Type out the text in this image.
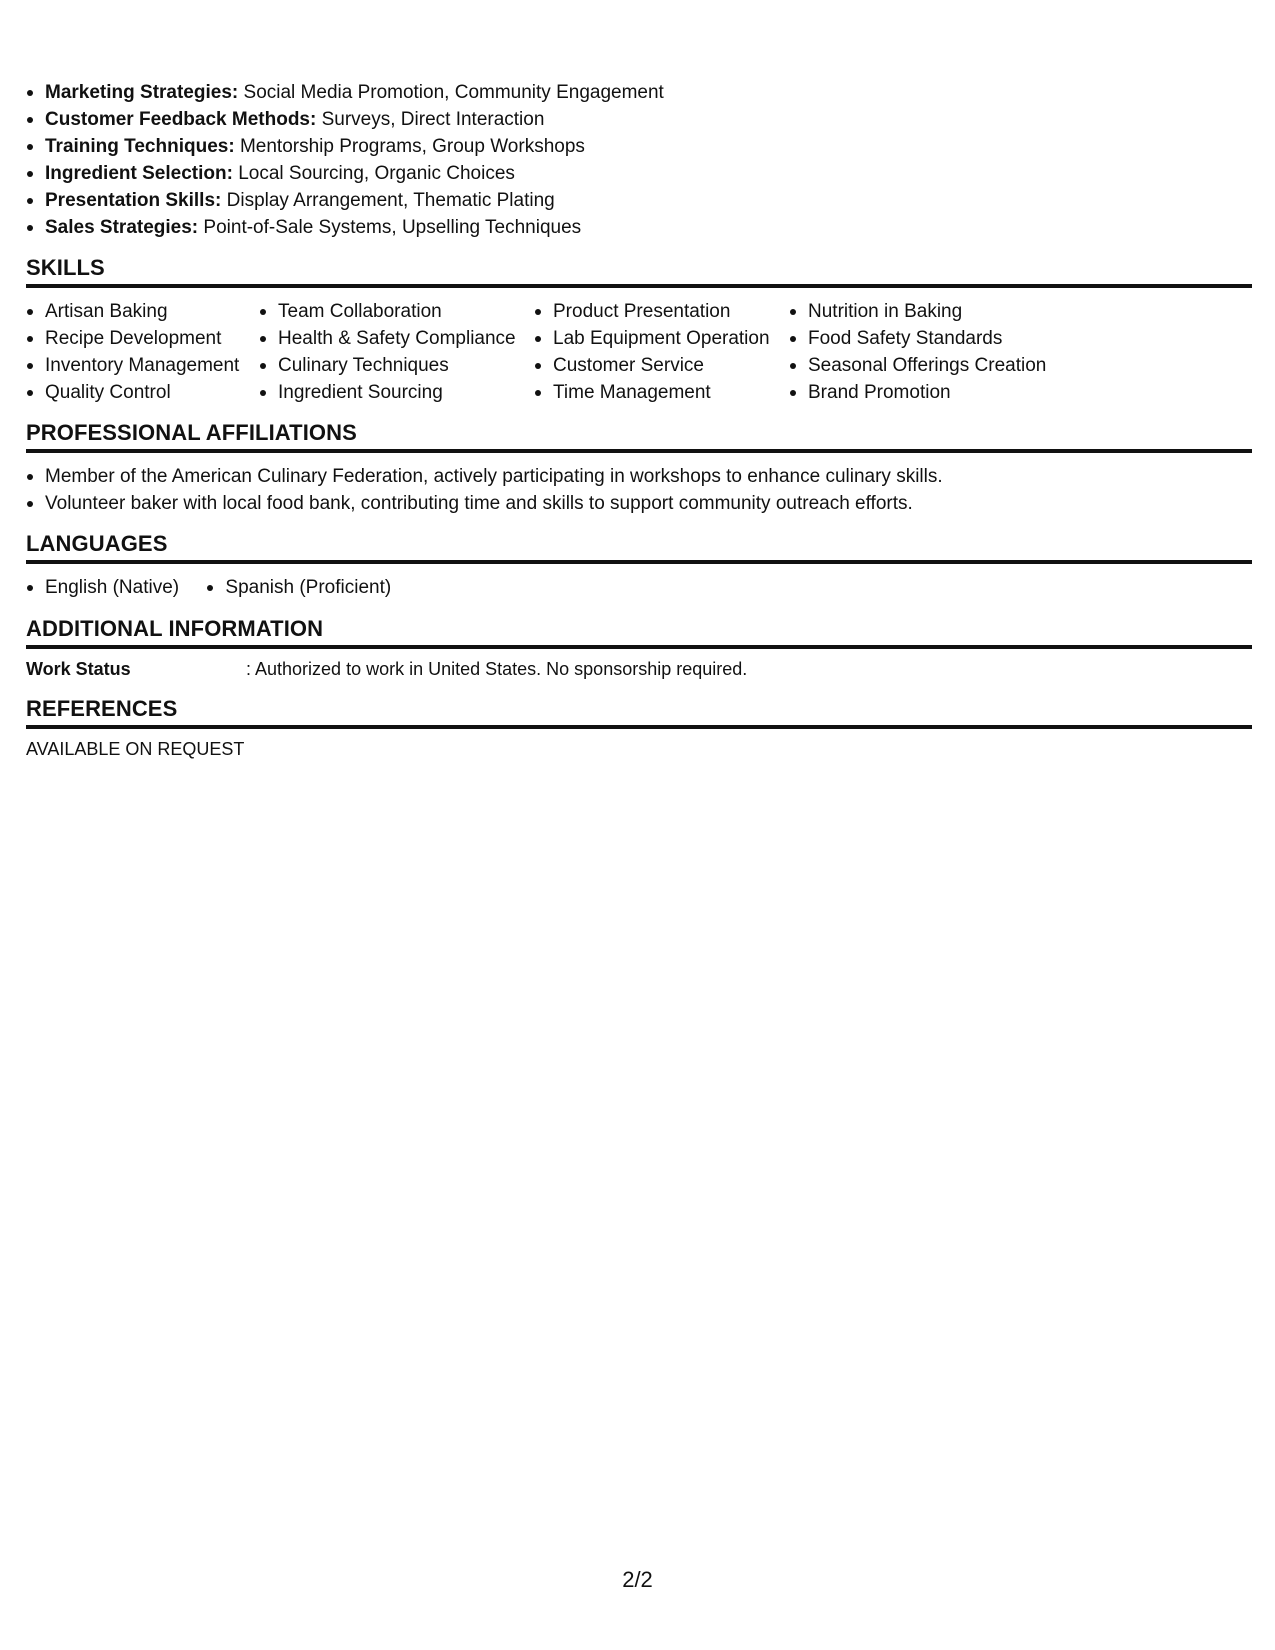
Marketing Strategies: Social Media Promotion, Community Engagement
Customer Feedback Methods: Surveys, Direct Interaction
Training Techniques: Mentorship Programs, Group Workshops
Ingredient Selection: Local Sourcing, Organic Choices
Presentation Skills: Display Arrangement, Thematic Plating
Sales Strategies: Point-of-Sale Systems, Upselling Techniques
SKILLS
Artisan Baking
Recipe Development
Inventory Management
Quality Control
Team Collaboration
Health & Safety Compliance
Culinary Techniques
Ingredient Sourcing
Product Presentation
Lab Equipment Operation
Customer Service
Time Management
Nutrition in Baking
Food Safety Standards
Seasonal Offerings Creation
Brand Promotion
PROFESSIONAL AFFILIATIONS
Member of the American Culinary Federation, actively participating in workshops to enhance culinary skills.
Volunteer baker with local food bank, contributing time and skills to support community outreach efforts.
LANGUAGES
English (Native) Spanish (Proficient)
ADDITIONAL INFORMATION
Work Status	: Authorized to work in United States. No sponsorship required.
REFERENCES
AVAILABLE ON REQUEST
2/2
